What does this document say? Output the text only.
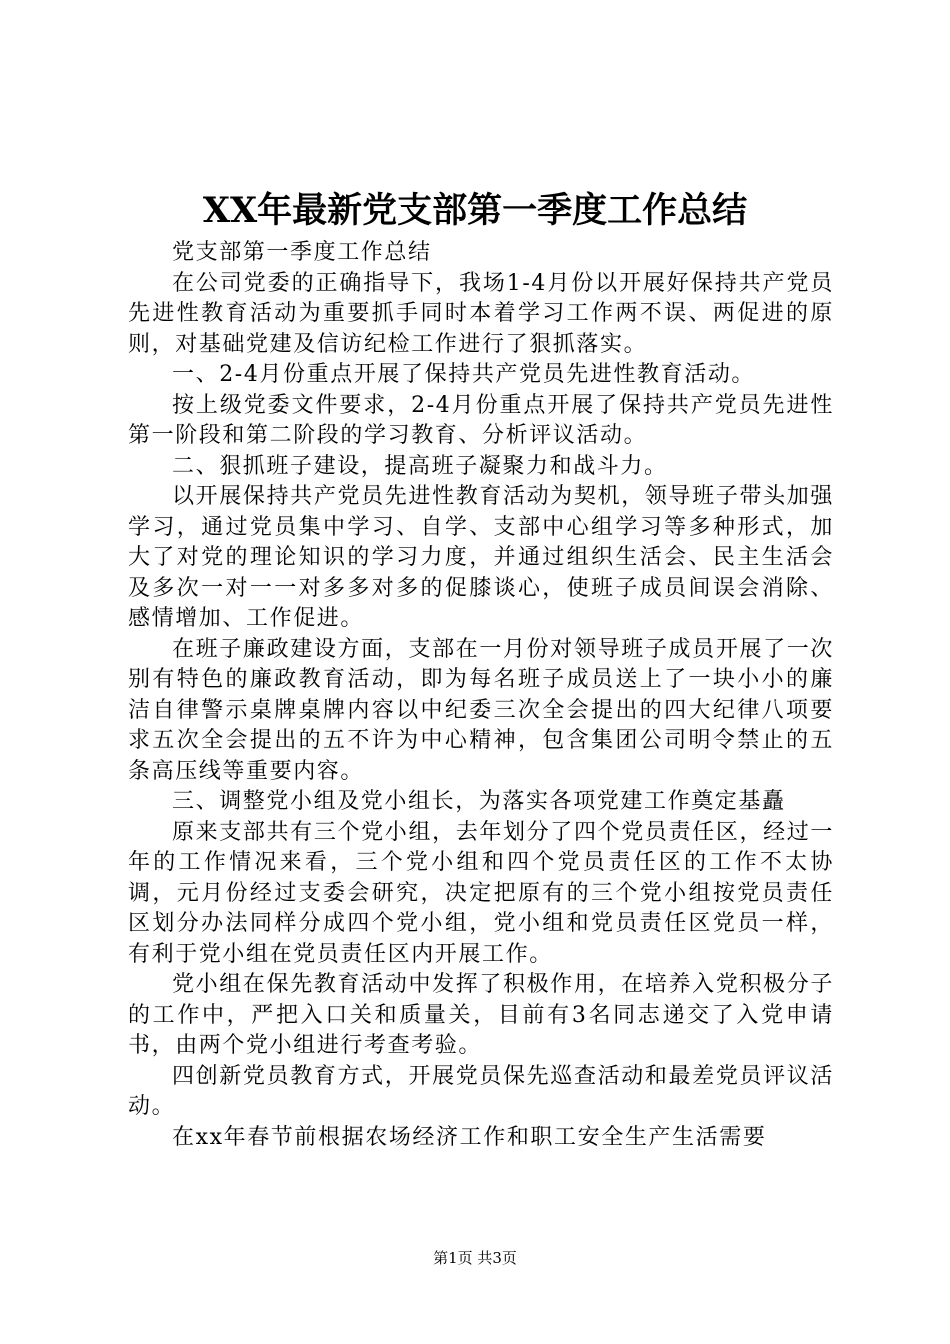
XX年最新党支部第一季度工作总结

党支部第一季度工作总结

在公司党委的正确指导下，我场1-4月份以开展好保持共产党员先进性教育活动为重要抓手同时本着学习工作两不误、两促进的原则，对基础党建及信访纪检工作进行了狠抓落实。

一、2-4月份重点开展了保持共产党员先进性教育活动。

按上级党委文件要求，2-4月份重点开展了保持共产党员先进性第一阶段和第二阶段的学习教育、分析评议活动。

二、狠抓班子建设，提高班子凝聚力和战斗力。

以开展保持共产党员先进性教育活动为契机，领导班子带头加强学习，通过党员集中学习、自学、支部中心组学习等多种形式，加大了对党的理论知识的学习力度，并通过组织生活会、民主生活会及多次一对一一对多多对多的促膝谈心，使班子成员间误会消除、感情增加、工作促进。

在班子廉政建设方面，支部在一月份对领导班子成员开展了一次别有特色的廉政教育活动，即为每名班子成员送上了一块小小的廉洁自律警示桌牌桌牌内容以中纪委三次全会提出的四大纪律八项要求五次全会提出的五不许为中心精神，包含集团公司明令禁止的五条高压线等重要内容。

三、调整党小组及党小组长，为落实各项党建工作奠定基矗

原来支部共有三个党小组，去年划分了四个党员责任区，经过一年的工作情况来看，三个党小组和四个党员责任区的工作不太协调，元月份经过支委会研究，决定把原有的三个党小组按党员责任区划分办法同样分成四个党小组，党小组和党员责任区党员一样，有利于党小组在党员责任区内开展工作。

党小组在保先教育活动中发挥了积极作用，在培养入党积极分子的工作中，严把入口关和质量关，目前有3名同志递交了入党申请书，由两个党小组进行考查考验。

四创新党员教育方式，开展党员保先巡查活动和最差党员评议活动。

在xx年春节前根据农场经济工作和职工安全生产生活需要

第1页 共3页
